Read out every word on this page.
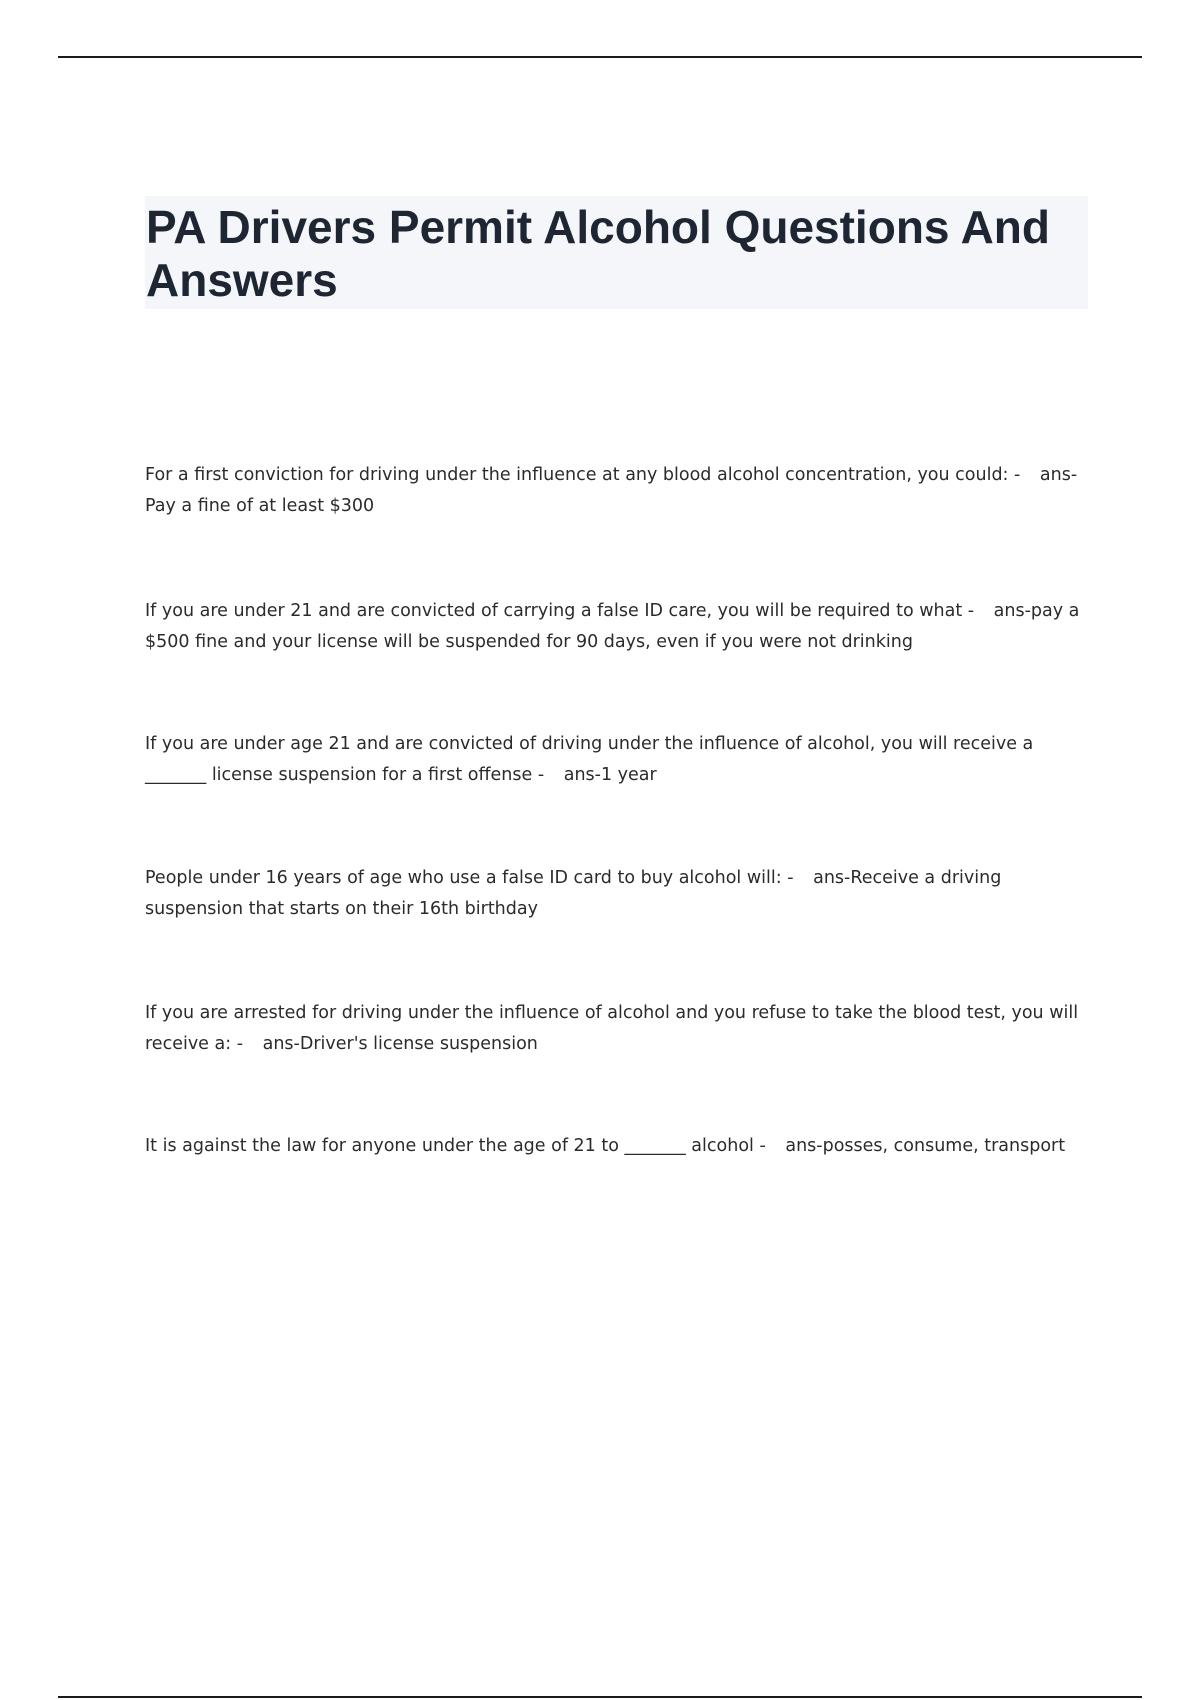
PA Drivers Permit Alcohol Questions And Answers

For a first conviction for driving under the influence at any blood alcohol concentration, you could: - ans-Pay a fine of at least $300

If you are under 21 and are convicted of carrying a false ID care, you will be required to what - ans-pay a $500 fine and your license will be suspended for 90 days, even if you were not drinking

If you are under age 21 and are convicted of driving under the influence of alcohol, you will receive a _______ license suspension for a first offense - ans-1 year

People under 16 years of age who use a false ID card to buy alcohol will: - ans-Receive a driving suspension that starts on their 16th birthday

If you are arrested for driving under the influence of alcohol and you refuse to take the blood test, you will receive a: - ans-Driver's license suspension

It is against the law for anyone under the age of 21 to _______ alcohol - ans-posses, consume, transport
